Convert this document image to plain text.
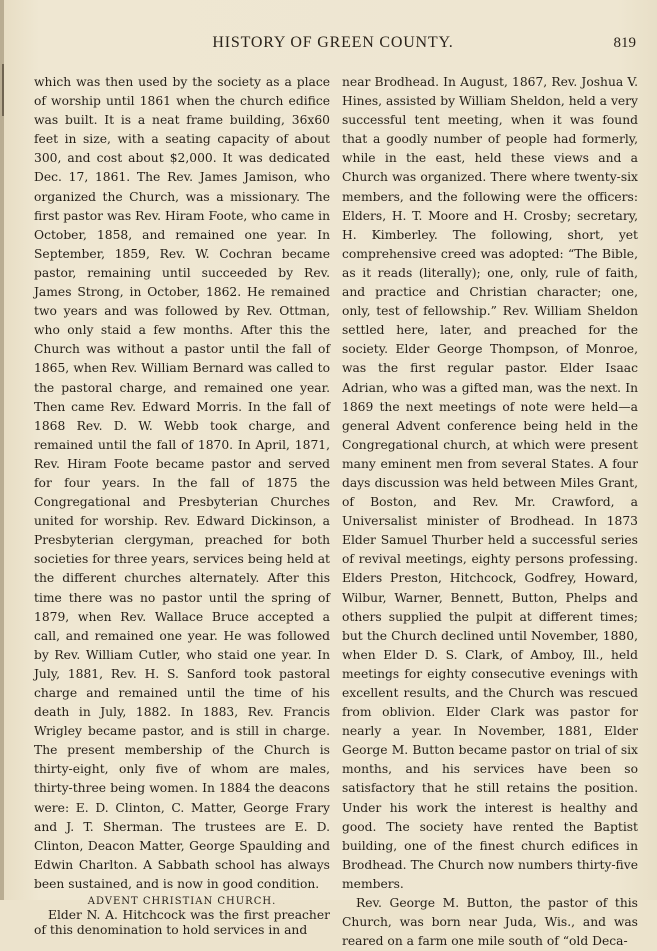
HISTORY OF GREEN COUNTY.	819

which was then used by the society as a place of worship until 1861 when the church edifice was built. It is a neat frame building, 36x60 feet in size, with a seating capacity of about 300, and cost about $2,000. It was dedicated Dec. 17, 1861. The Rev. James Jamison, who organized the Church, was a missionary. The first pastor was Rev. Hiram Foote, who came in October, 1858, and remained one year. In September, 1859, Rev. W. Cochran became pastor, remaining until succeeded by Rev. James Strong, in October, 1862. He remained two years and was followed by Rev. Ottman, who only staid a few months. After this the Church was without a pastor until the fall of 1865, when Rev. William Bernard was called to the pastoral charge, and remained one year. Then came Rev. Edward Morris. In the fall of 1868 Rev. D. W. Webb took charge, and remained until the fall of 1870. In April, 1871, Rev. Hiram Foote became pastor and served for four years. In the fall of 1875 the Congregational and Presbyterian Churches united for worship. Rev. Edward Dickinson, a Presbyterian clergyman, preached for both societies for three years, services being held at the different churches alternately. After this time there was no pastor until the spring of 1879, when Rev. Wallace Bruce accepted a call, and remained one year. He was followed by Rev. William Cutler, who staid one year. In July, 1881, Rev. H. S. Sanford took pastoral charge and remained until the time of his death in July, 1882. In 1883, Rev. Francis Wrigley became pastor, and is still in charge. The present membership of the Church is thirty-eight, only five of whom are males, thirty-three being women. In 1884 the deacons were: E. D. Clinton, C. Matter, George Frary and J. T. Sherman. The trustees are E. D. Clinton, Deacon Matter, George Spaulding and Edwin Charlton. A Sabbath school has always been sustained, and is now in good condition.

ADVENT CHRISTIAN CHURCH.

Elder N. A. Hitchcock was the first preacher of this denomination to hold services in and

near Brodhead. In August, 1867, Rev. Joshua V. Hines, assisted by William Sheldon, held a very successful tent meeting, when it was found that a goodly number of people had formerly, while in the east, held these views and a Church was organized. There where twenty-six members, and the following were the officers: Elders, H. T. Moore and H. Crosby; secretary, H. Kimberley. The following, short, yet comprehensive creed was adopted: “The Bible, as it reads (literally); one, only, rule of faith, and practice and Christian character; one, only, test of fellowship.” Rev. William Sheldon settled here, later, and preached for the society. Elder George Thompson, of Monroe, was the first regular pastor. Elder Isaac Adrian, who was a gifted man, was the next. In 1869 the next meetings of note were held—a general Advent conference being held in the Congregational church, at which were present many eminent men from several States. A four days discussion was held between Miles Grant, of Boston, and Rev. Mr. Crawford, a Universalist minister of Brodhead. In 1873 Elder Samuel Thurber held a successful series of revival meetings, eighty persons professing. Elders Preston, Hitchcock, Godfrey, Howard, Wilbur, Warner, Bennett, Button, Phelps and others supplied the pulpit at different times; but the Church declined until November, 1880, when Elder D. S. Clark, of Amboy, Ill., held meetings for eighty consecutive evenings with excellent results, and the Church was rescued from oblivion. Elder Clark was pastor for nearly a year. In November, 1881, Elder George M. Button became pastor on trial of six months, and his services have been so satisfactory that he still retains the position. Under his work the interest is healthy and good. The society have rented the Baptist building, one of the finest church edifices in Brodhead. The Church now numbers thirty-five members.

Rev. George M. Button, the pastor of this Church, was born near Juda, Wis., and was reared on a farm one mile south of “old Deca-
